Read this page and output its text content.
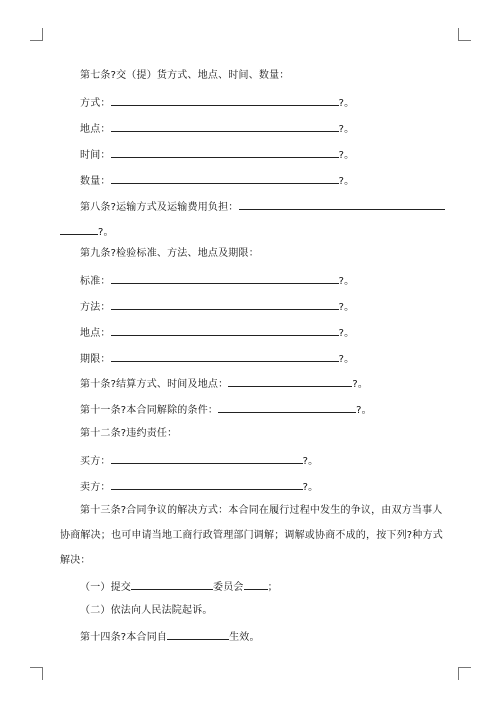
第七条?交（提）货方式、地点、时间、数量：
方式：	?。
地点：	?。
时间：	?。
数量：	?。
第八条?运输方式及运输费用负担：
?。
第九条?检验标准、方法、地点及期限：
标准：	?。
方法：	?。
地点：	?。
期限：	?。
第十条?结算方式、时间及地点：	?。
第十一条?本合同解除的条件：	?。
第十二条?违约责任：
买方：	?。
卖方：	?。
第十三条?合同争议的解决方式：本合同在履行过程中发生的争议，由双方当事人
协商解决；也可申请当地工商行政管理部门调解；调解或协商不成的，按下列?种方式
解决：
（一）提交	委员会 ；
（二）依法向人民法院起诉。
第十四条?本合同自	生效。
